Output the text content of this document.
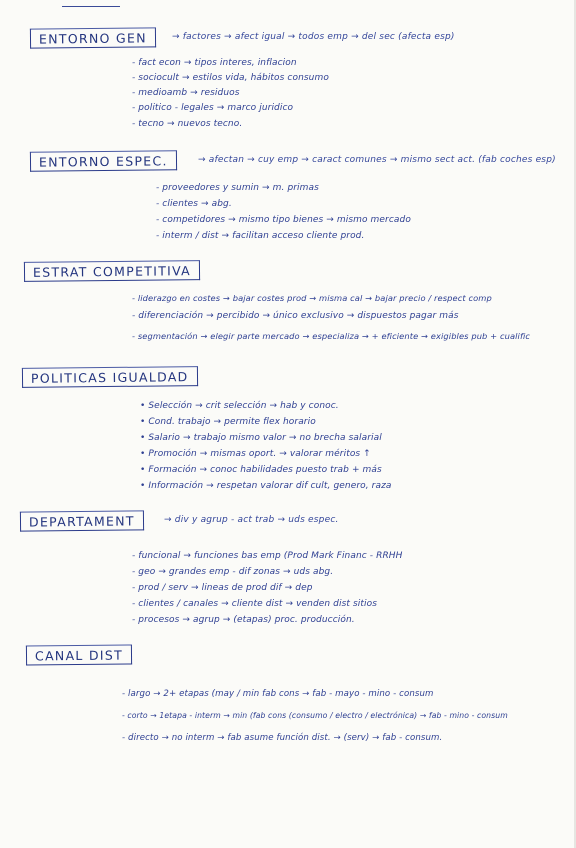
ENTORNO GEN	→ factores → afect igual → todos emp → del sec (afecta esp)
- fact econ → tipos interes, inflacion
- sociocult → estilos vida, hábitos consumo
- medioamb → residuos
- politico - legales → marco juridico
- tecno → nuevos tecno.
ENTORNO ESPEC.	→ afectan → cuy emp → caract comunes → mismo sect act. (fab coches esp)
- proveedores y sumin → m. primas
- clientes → abg.
- competidores → mismo tipo bienes → mismo mercado
- interm / dist → facilitan acceso cliente prod.
ESTRAT COMPETITIVA
- liderazgo en costes → bajar costes prod → misma cal → bajar precio / respect comp
- diferenciación → percibido → único exclusivo → dispuestos pagar más
- segmentación → elegir parte mercado → especializa → + eficiente → exigibles pub + cualific
POLITICAS IGUALDAD
• Selección → crit selección → hab y conoc.
• Cond. trabajo → permite flex horario
• Salario → trabajo mismo valor → no brecha salarial
• Promoción → mismas oport. → valorar méritos ↑
• Formación → conoc habilidades puesto trab + más
• Información → respetan valorar dif cult, genero, raza
DEPARTAMENT	→ div y agrup - act trab → uds espec.
- funcional → funciones bas emp (Prod Mark Financ - RRHH
- geo → grandes emp - dif zonas → uds abg.
- prod / serv → lineas de prod dif → dep
- clientes / canales → cliente dist → venden dist sitios
- procesos → agrup → (etapas) proc. producción.
CANAL DIST
- largo → 2+ etapas (may / min fab cons → fab - mayo - mino - consum
- corto → 1etapa - interm → min (fab cons (consumo / electro / electrónica) → fab - mino - consum
- directo → no interm → fab asume función dist. → (serv) → fab - consum.
